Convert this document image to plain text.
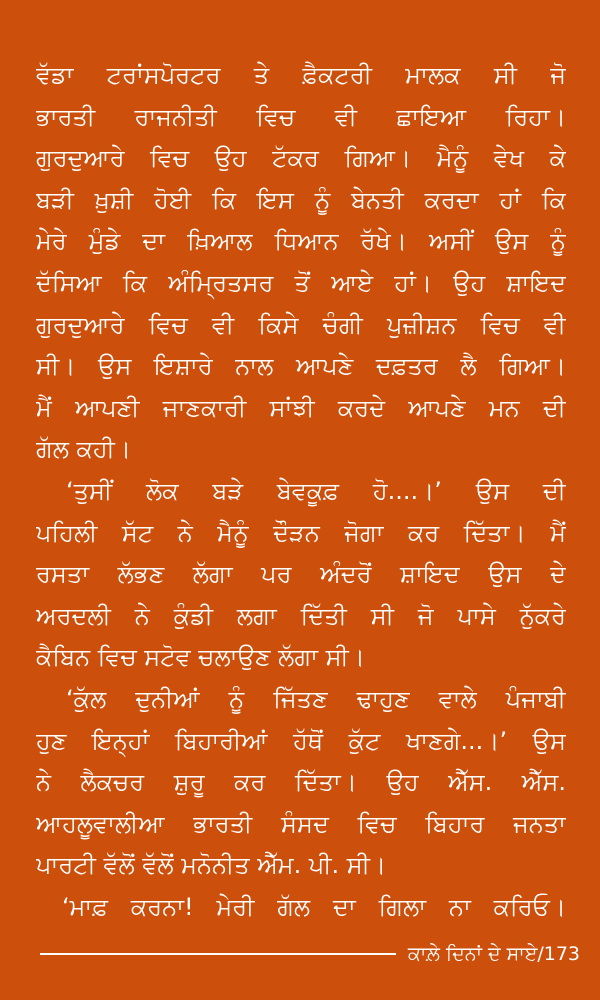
ਵੱਡਾ ਟਰਾਂਸਪੋਰਟਰ ਤੇ ਫ਼ੈਕਟਰੀ ਮਾਲਕ ਸੀ ਜੋ
ਭਾਰਤੀ ਰਾਜਨੀਤੀ ਵਿਚ ਵੀ ਛਾਇਆ ਰਿਹਾ।
ਗੁਰਦੁਆਰੇ ਵਿਚ ਉਹ ਟੱਕਰ ਗਿਆ। ਮੈਨੂੰ ਵੇਖ ਕੇ
ਬੜੀ ਖ਼ੁਸ਼ੀ ਹੋਈ ਕਿ ਇਸ ਨੂੰ ਬੇਨਤੀ ਕਰਦਾ ਹਾਂ ਕਿ
ਮੇਰੇ ਮੁੰਡੇ ਦਾ ਖ਼ਿਆਲ ਧਿਆਨ ਰੱਖੇ। ਅਸੀਂ ਉਸ ਨੂੰ
ਦੱਸਿਆ ਕਿ ਅੰਮ੍ਰਿਤਸਰ ਤੋਂ ਆਏ ਹਾਂ। ਉਹ ਸ਼ਾਇਦ
ਗੁਰਦੁਆਰੇ ਵਿਚ ਵੀ ਕਿਸੇ ਚੰਗੀ ਪੁਜ਼ੀਸ਼ਨ ਵਿਚ ਵੀ
ਸੀ। ਉਸ ਇਸ਼ਾਰੇ ਨਾਲ ਆਪਣੇ ਦਫ਼ਤਰ ਲੈ ਗਿਆ।
ਮੈਂ ਆਪਣੀ ਜਾਣਕਾਰੀ ਸਾਂਝੀ ਕਰਦੇ ਆਪਣੇ ਮਨ ਦੀ
ਗੱਲ ਕਹੀ।
‘ਤੁਸੀਂ ਲੋਕ ਬੜੇ ਬੇਵਕੂਫ਼ ਹੋ....।’ ਉਸ ਦੀ
ਪਹਿਲੀ ਸੱਟ ਨੇ ਮੈਨੂੰ ਦੌੜਨ ਜੋਗਾ ਕਰ ਦਿੱਤਾ। ਮੈਂ
ਰਸਤਾ ਲੱਭਣ ਲੱਗਾ ਪਰ ਅੰਦਰੋਂ ਸ਼ਾਇਦ ਉਸ ਦੇ
ਅਰਦਲੀ ਨੇ ਕੁੰਡੀ ਲਗਾ ਦਿੱਤੀ ਸੀ ਜੋ ਪਾਸੇ ਨੁੱਕਰੇ
ਕੈਬਿਨ ਵਿਚ ਸਟੋਵ ਚਲਾਉਣ ਲੱਗਾ ਸੀ।
‘ਕੁੱਲ ਦੁਨੀਆਂ ਨੂੰ ਜਿੱਤਣ ਢਾਹੁਣ ਵਾਲੇ ਪੰਜਾਬੀ
ਹੁਣ ਇਨ੍ਹਾਂ ਬਿਹਾਰੀਆਂ ਹੱਥੋਂ ਕੁੱਟ ਖਾਣਗੇ...।’ ਉਸ
ਨੇ ਲੈਕਚਰ ਸ਼ੁਰੂ ਕਰ ਦਿੱਤਾ। ਉਹ ਐੱਸ. ਐੱਸ.
ਆਹਲੂਵਾਲੀਆ ਭਾਰਤੀ ਸੰਸਦ ਵਿਚ ਬਿਹਾਰ ਜਨਤਾ
ਪਾਰਟੀ ਵੱਲੋਂ ਵੱਲੋਂ ਮਨੋਨੀਤ ਐੱਮ. ਪੀ. ਸੀ।
‘ਮਾਫ਼ ਕਰਨਾ! ਮੇਰੀ ਗੱਲ ਦਾ ਗਿਲਾ ਨਾ ਕਰਿਓ।
ਕਾਲ਼ੇ ਦਿਨਾਂ ਦੇ ਸਾਏ/173
